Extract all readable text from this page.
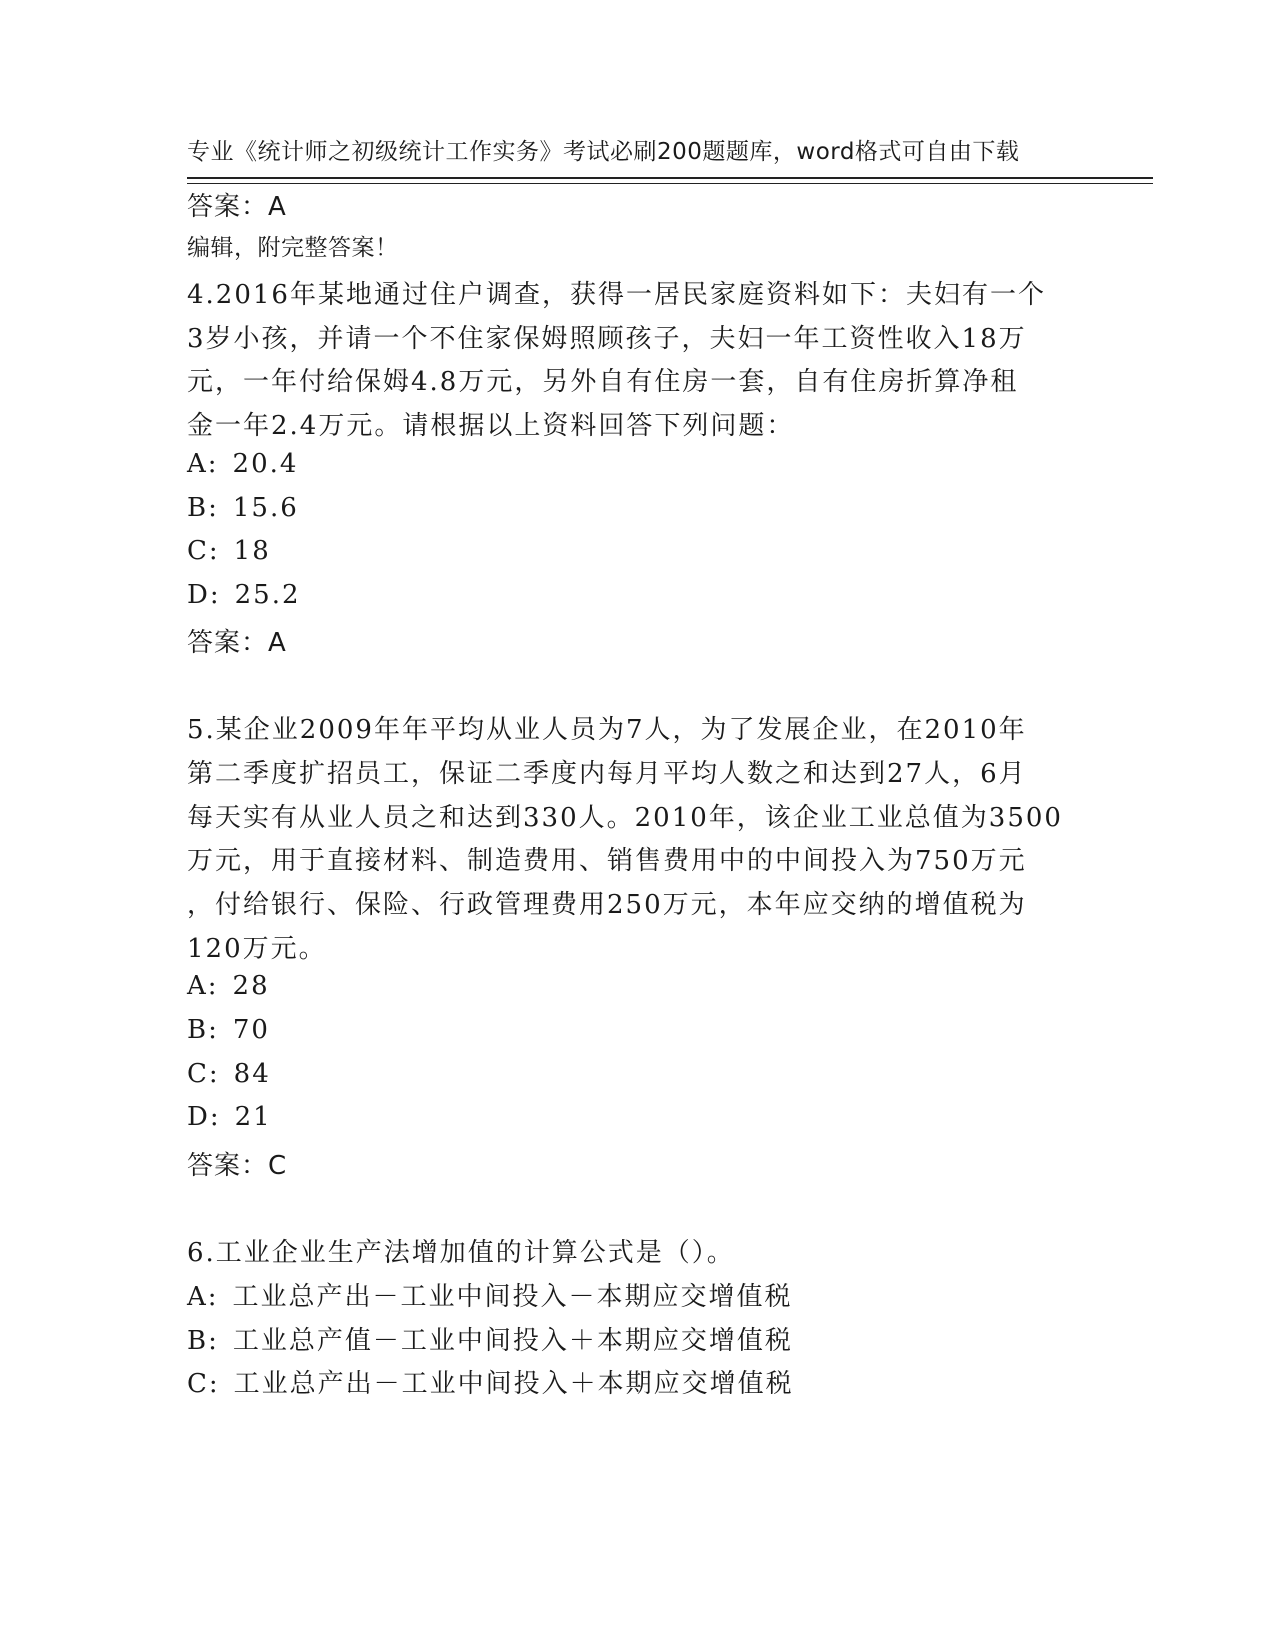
专业《统计师之初级统计工作实务》考试必刷200题题库，word格式可自由下载

编辑，附完整答案！

答案：A
4.2016年某地通过住户调查，获得一居民家庭资料如下：夫妇有一个
3岁小孩，并请一个不住家保姆照顾孩子，夫妇一年工资性收入18万
元，一年付给保姆4.8万元，另外自有住房一套，自有住房折算净租
金一年2.4万元。请根据以上资料回答下列问题：
A: 20.4
B: 15.6
C: 18
D: 25.2
答案：A
5.某企业2009年年平均从业人员为7人，为了发展企业，在2010年
第二季度扩招员工，保证二季度内每月平均人数之和达到27人，6月
每天实有从业人员之和达到330人。2010年，该企业工业总值为3500
万元，用于直接材料、制造费用、销售费用中的中间投入为750万元
，付给银行、保险、行政管理费用250万元，本年应交纳的增值税为
120万元。
A: 28
B: 70
C: 84
D: 21
答案：C
6.工业企业生产法增加值的计算公式是（）。
A: 工业总产出－工业中间投入－本期应交增值税
B: 工业总产值－工业中间投入＋本期应交增值税
C: 工业总产出－工业中间投入＋本期应交增值税
